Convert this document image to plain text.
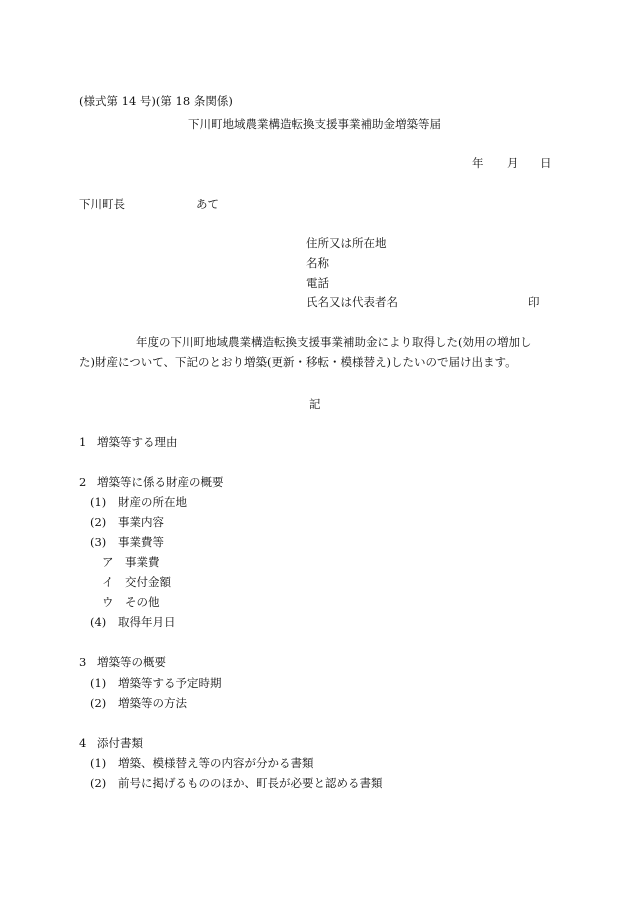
(様式第 14 号)(第 18 条関係)
下川町地域農業構造転換支援事業補助金増築等届
年 月 日
下川町長	あて
住所又は所在地
名称
電話
氏名又は代表者名	印
年度の下川町地域農業構造転換支援事業補助金により取得した(効用の増加し
た)財産について、下記のとおり増築(更新・移転・模様替え)したいので届け出ます。
記
1 増築等する理由
2 増築等に係る財産の概要
(1) 財産の所在地
(2) 事業内容
(3) 事業費等
ア 事業費
イ 交付金額
ウ その他
(4) 取得年月日
3 増築等の概要
(1) 増築等する予定時期
(2) 増築等の方法
4 添付書類
(1) 増築、模様替え等の内容が分かる書類
(2) 前号に掲げるもののほか、町長が必要と認める書類
